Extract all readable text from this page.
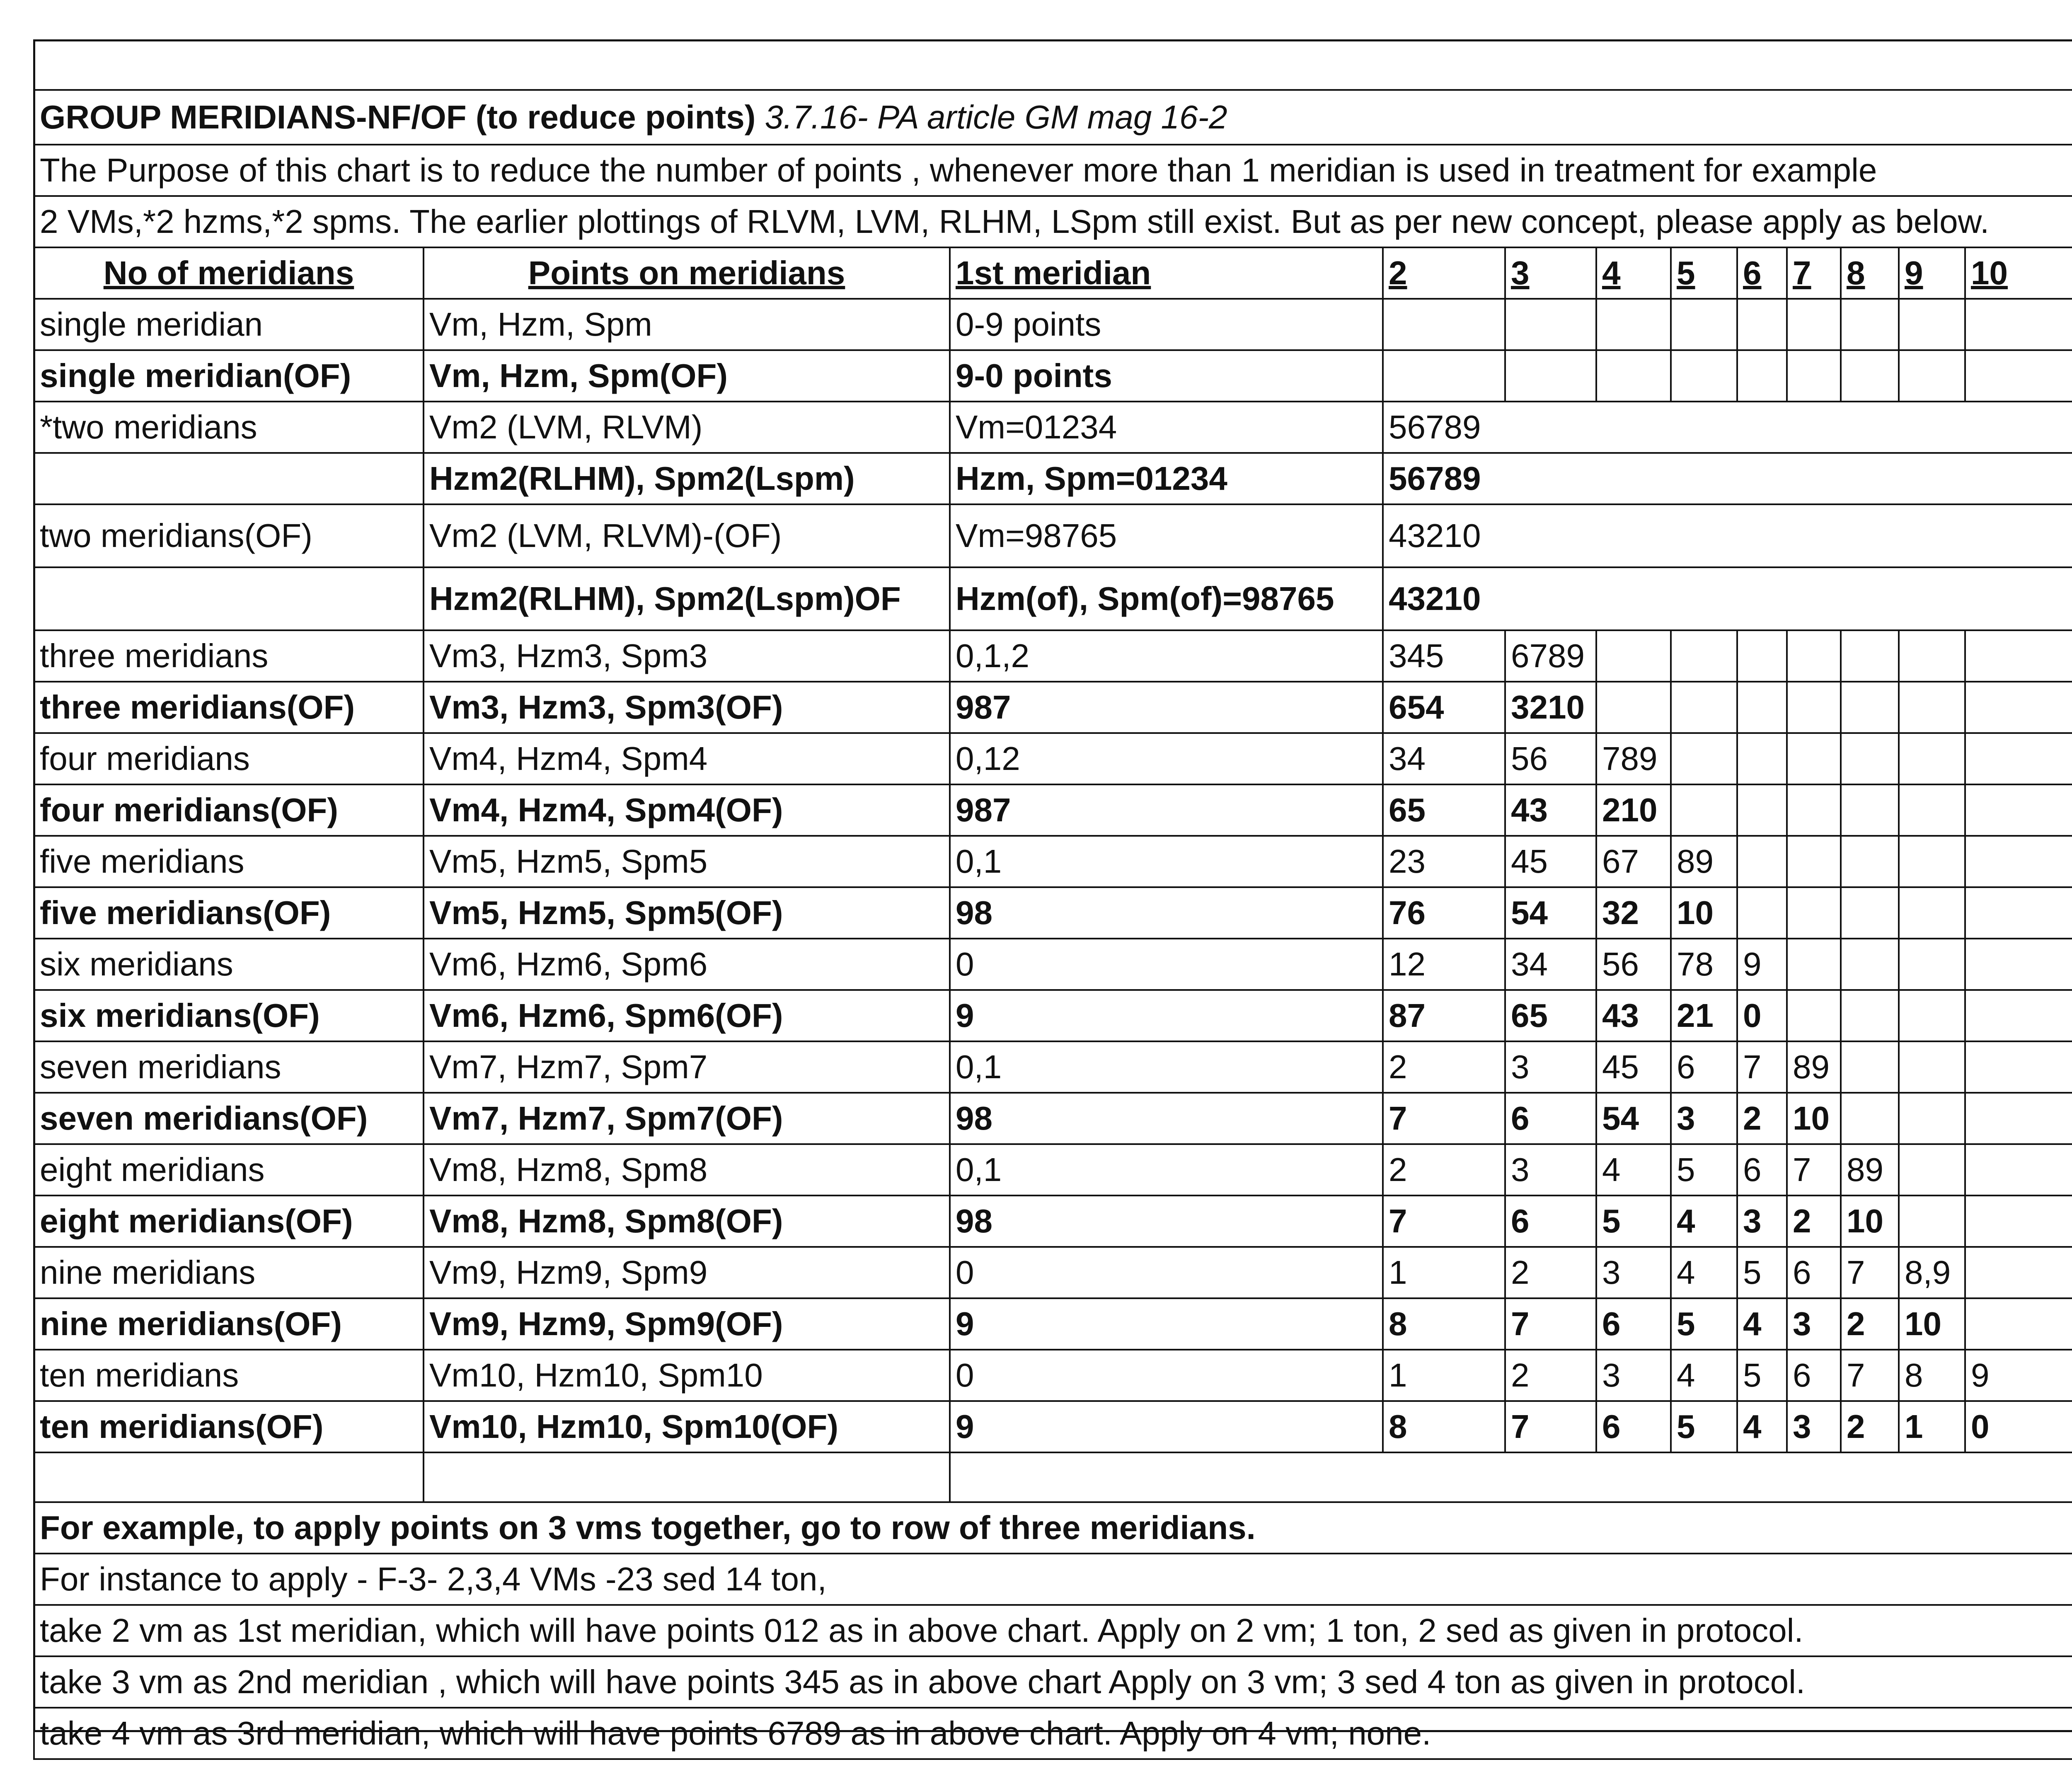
GROUP MERIDIANS-NF/OF (to reduce points) 3.7.16- PA article GM mag 16-2											
The Purpose of this chart is to reduce the number of points , whenever more than 1 meridian is used in treatment for example											
2 VMs,*2 hzms,*2 spms. The earlier plottings of RLVM, LVM, RLHM, LSpm still exist. But as per new concept, please apply as below.											
No of meridians	Points on meridians	1st meridian	2	3	4	5	6	7	8	9	10
single meridian	Vm, Hzm, Spm	0-9 points									
single meridian(OF)	Vm, Hzm, Spm(OF)	9-0 points									
*two meridians	Vm2 (LVM, RLVM)	Vm=01234	56789								
	Hzm2(RLHM), Spm2(Lspm)	Hzm, Spm=01234	56789								
two meridians(OF)	Vm2 (LVM, RLVM)-(OF)	Vm=98765	43210								
	Hzm2(RLHM), Spm2(Lspm)OF	Hzm(of), Spm(of)=98765	43210								
three meridians	Vm3, Hzm3, Spm3	0,1,2	345	6789							
three meridians(OF)	Vm3, Hzm3, Spm3(OF)	987	654	3210							
four meridians	Vm4, Hzm4, Spm4	0,12	34	56	789						
four meridians(OF)	Vm4, Hzm4, Spm4(OF)	987	65	43	210						
five meridians	Vm5, Hzm5, Spm5	0,1	23	45	67	89					
five meridians(OF)	Vm5, Hzm5, Spm5(OF)	98	76	54	32	10					
six meridians	Vm6, Hzm6, Spm6	0	12	34	56	78	9				
six meridians(OF)	Vm6, Hzm6, Spm6(OF)	9	87	65	43	21	0				
seven meridians	Vm7, Hzm7, Spm7	0,1	2	3	45	6	7	89			
seven meridians(OF)	Vm7, Hzm7, Spm7(OF)	98	7	6	54	3	2	10			
eight meridians	Vm8, Hzm8, Spm8	0,1	2	3	4	5	6	7	89		
eight meridians(OF)	Vm8, Hzm8, Spm8(OF)	98	7	6	5	4	3	2	10		
nine meridians	Vm9, Hzm9, Spm9	0	1	2	3	4	5	6	7	8,9	
nine meridians(OF)	Vm9, Hzm9, Spm9(OF)	9	8	7	6	5	4	3	2	10	
ten meridians	Vm10, Hzm10, Spm10	0	1	2	3	4	5	6	7	8	9
ten meridians(OF)	Vm10, Hzm10, Spm10(OF)	9	8	7	6	5	4	3	2	1	0

For example, to apply points on 3 vms together, go to row of three meridians.											
For instance to apply - F-3- 2,3,4 VMs -23 sed 14 ton,											
take 2 vm as 1st meridian, which will have points 012 as in above chart. Apply on 2 vm; 1 ton, 2 sed as given in protocol.											
take 3 vm as 2nd meridian , which will have points 345 as in above chart Apply on 3 vm; 3 sed 4 ton as given in protocol.											
take 4 vm as 3rd meridian, which will have points 6789 as in above chart. Apply on 4 vm; none.											
